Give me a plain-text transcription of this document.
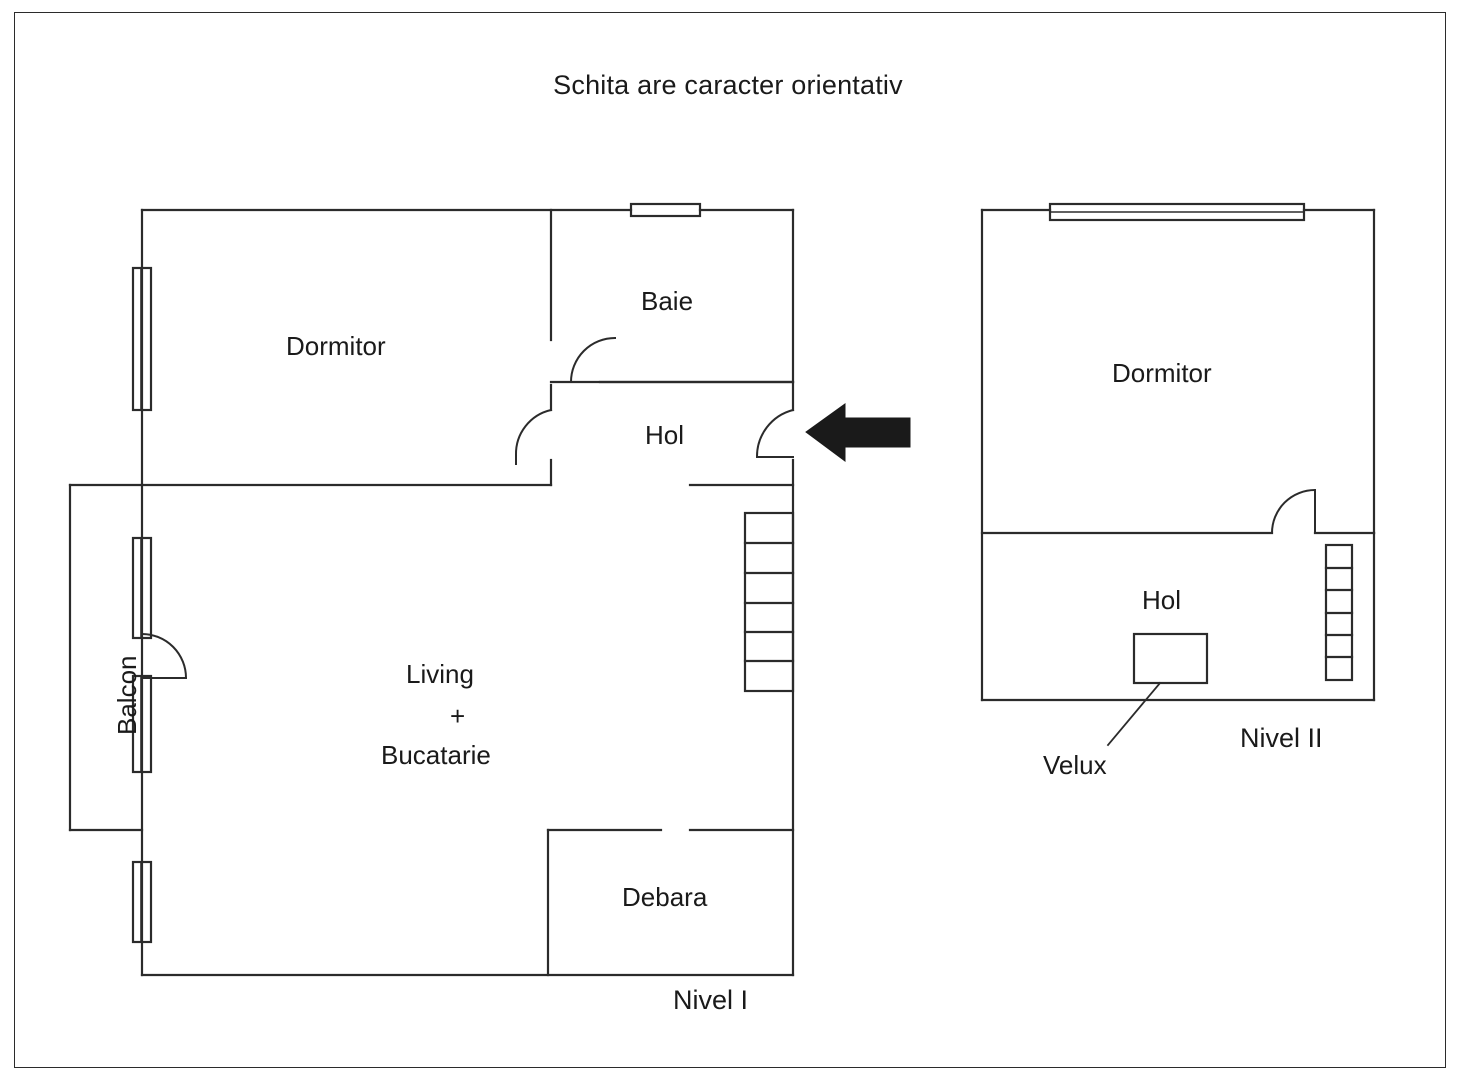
Schita are caracter orientativ
Dormitor
Baie
Hol
Living
+
Bucatarie
Debara
Balcon
Nivel I
Dormitor
Hol
Velux
Nivel II
